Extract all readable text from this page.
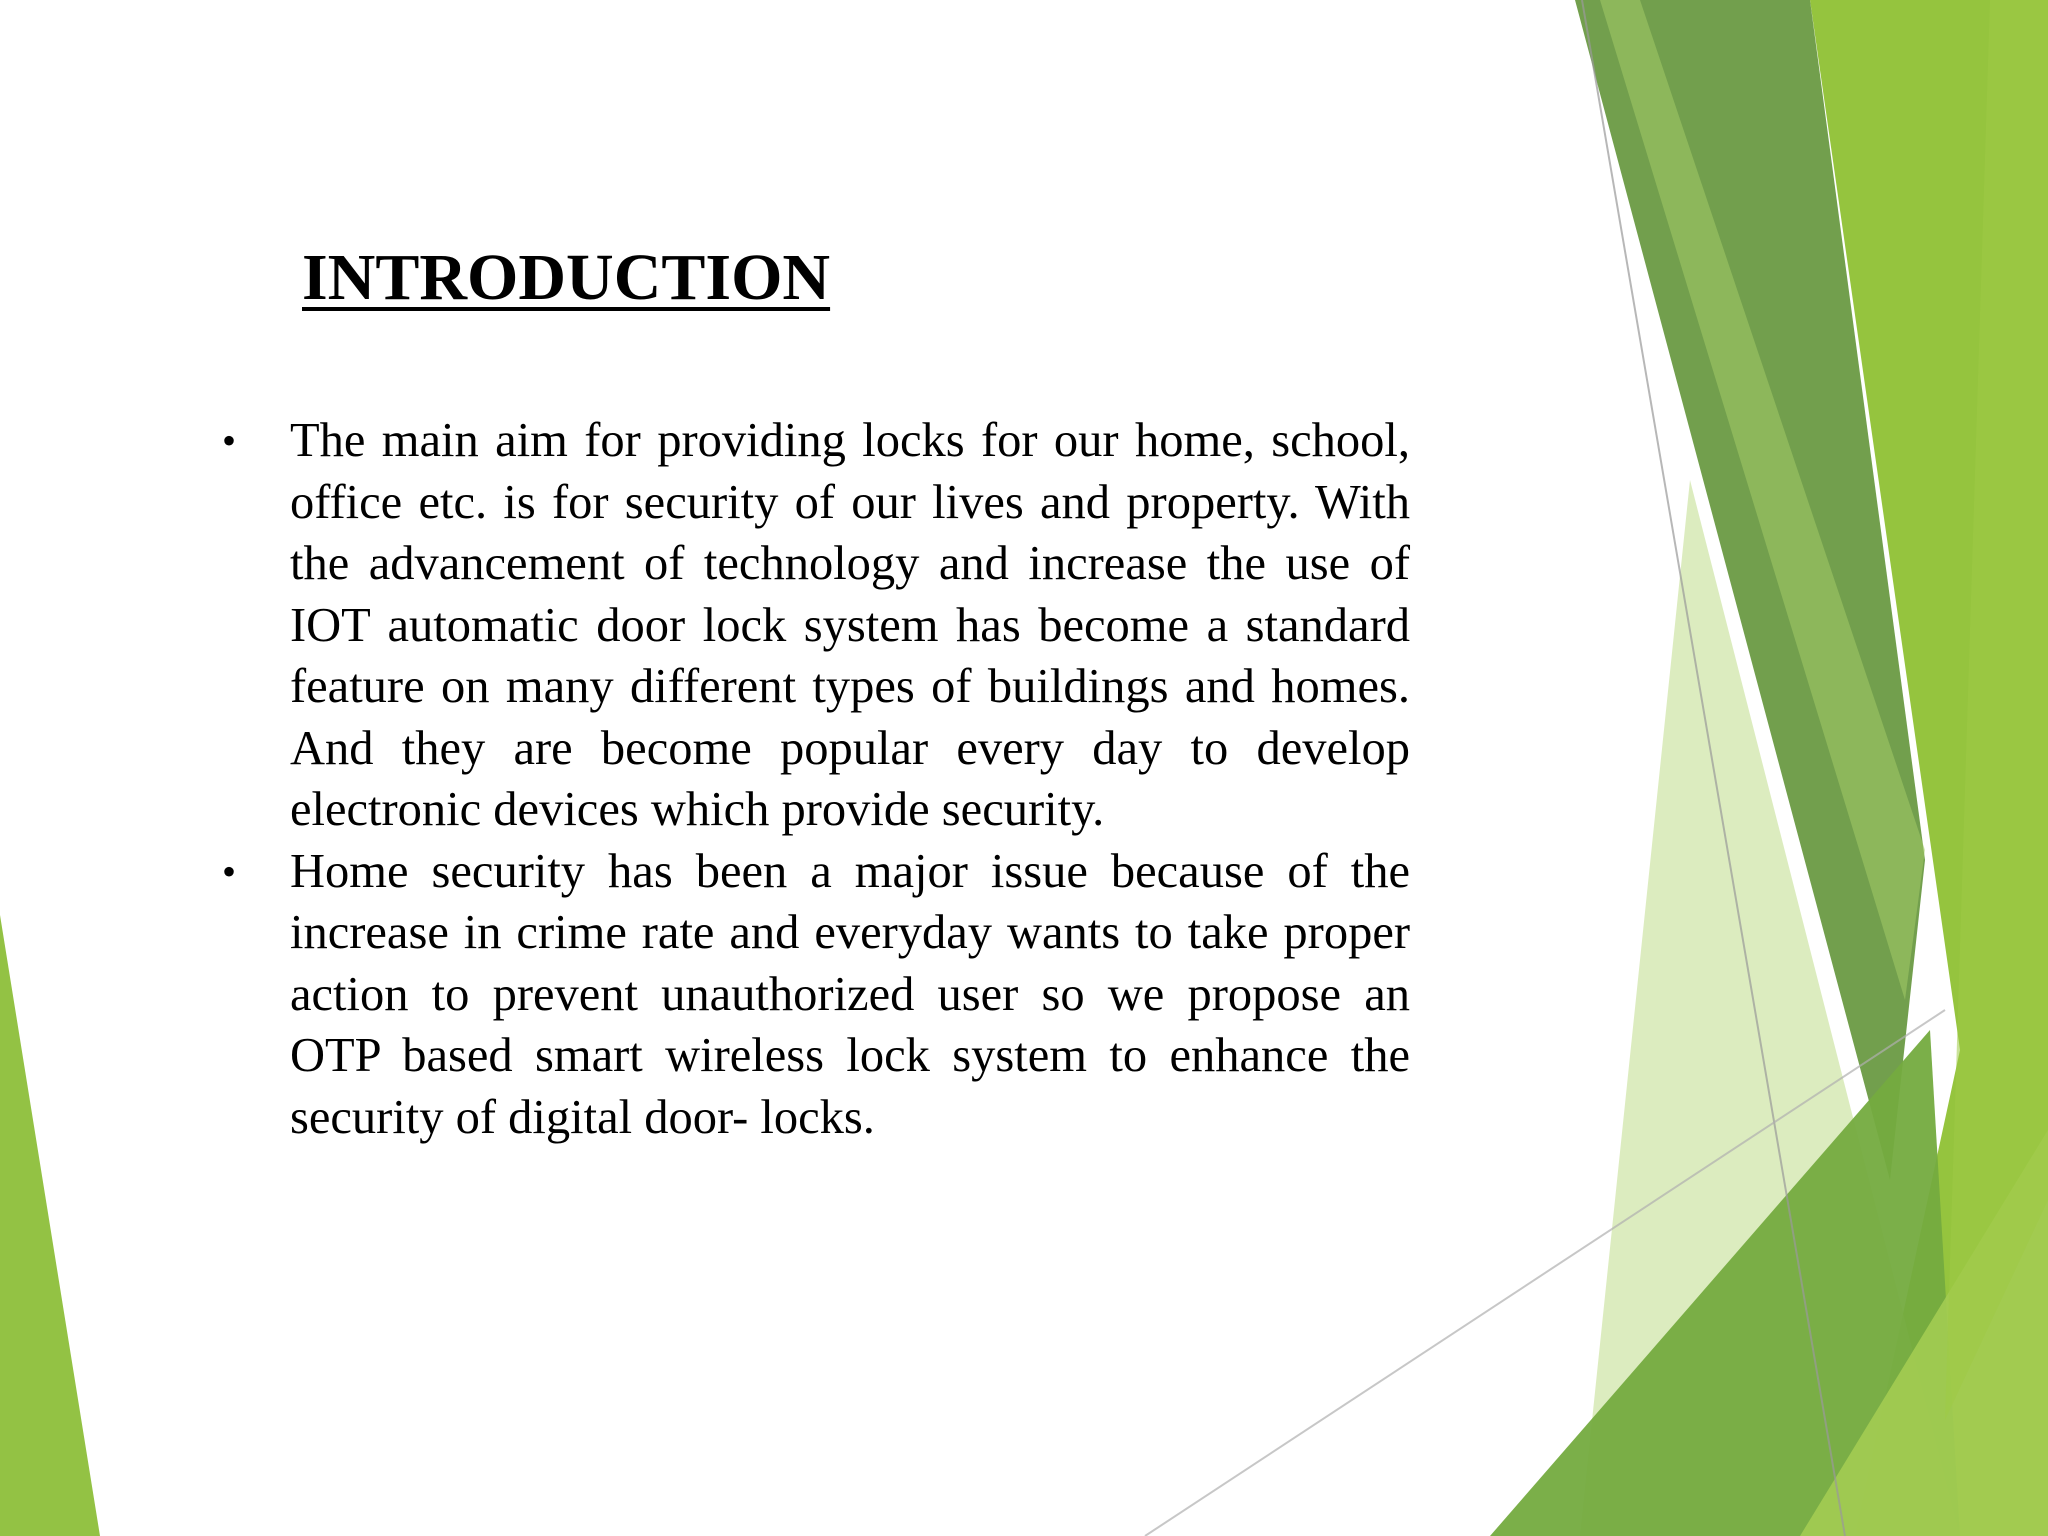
INTRODUCTION
•	The main aim for providing locks for our home, school, office etc. is for security of our lives and property. With the advancement of technology and increase the use of IOT automatic door lock system has become a standard feature on many different types of buildings and homes. And they are become popular every day to develop electronic devices which provide security.
•	Home security has been a major issue because of the increase in crime rate and everyday wants to take proper action to prevent unauthorized user so we propose an OTP based smart wireless lock system to enhance the security of digital door- locks.
